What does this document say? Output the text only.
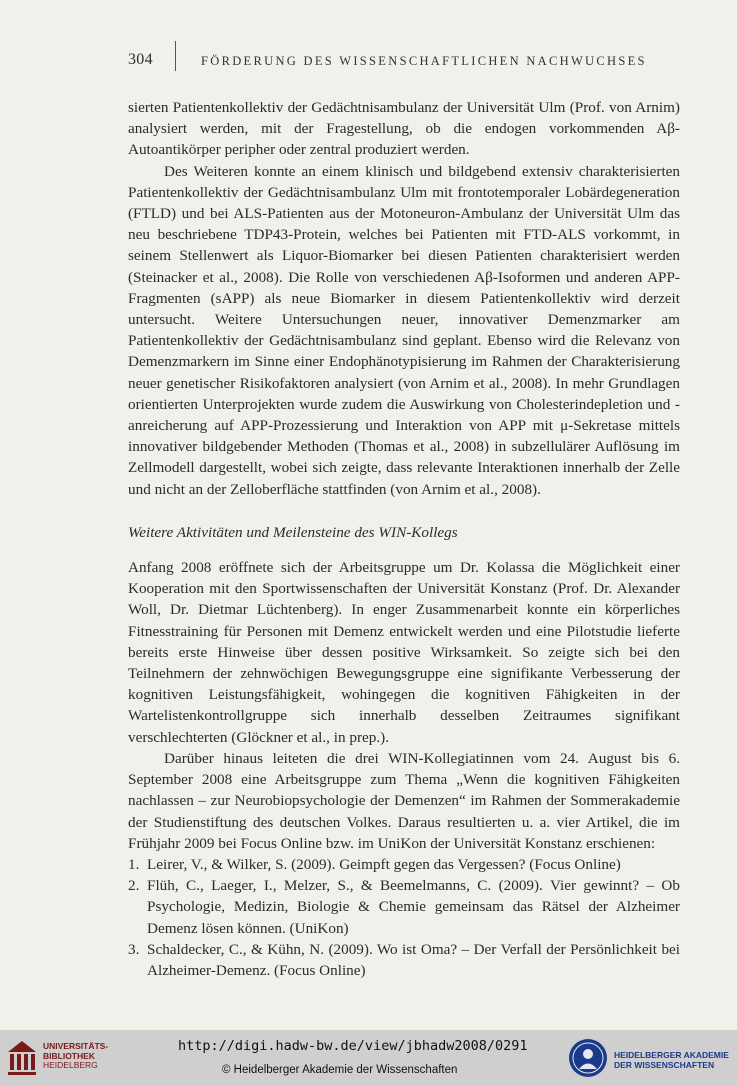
304	FÖRDERUNG DES WISSENSCHAFTLICHEN NACHWUCHSES

sierten Patientenkollektiv der Gedächtnisambulanz der Universität Ulm (Prof. von Arnim) analysiert werden, mit der Fragestellung, ob die endogen vorkommenden Aβ-Autoantikörper peripher oder zentral produziert werden.

Des Weiteren konnte an einem klinisch und bildgebend extensiv charakterisierten Patientenkollektiv der Gedächtnisambulanz Ulm mit frontotemporaler Lobärdegeneration (FTLD) und bei ALS-Patienten aus der Motoneuron-Ambulanz der Universität Ulm das neu beschriebene TDP43-Protein, welches bei Patienten mit FTD-ALS vorkommt, in seinem Stellenwert als Liquor-Biomarker bei diesen Patienten charakterisiert werden (Steinacker et al., 2008). Die Rolle von verschiedenen Aβ-Isoformen und anderen APP-Fragmenten (sAPP) als neue Biomarker in diesem Patientenkollektiv wird derzeit untersucht. Weitere Untersuchungen neuer, innovativer Demenzmarker am Patientenkollektiv der Gedächtnisambulanz sind geplant. Ebenso wird die Relevanz von Demenzmarkern im Sinne einer Endophänotypisierung im Rahmen der Charakterisierung neuer genetischer Risikofaktoren analysiert (von Arnim et al., 2008). In mehr Grundlagen orientierten Unterprojekten wurde zudem die Auswirkung von Cholesterindepletion und -anreicherung auf APP-Prozessierung und Interaktion von APP mit μ-Sekretase mittels innovativer bildgebender Methoden (Thomas et al., 2008) in subzellulärer Auflösung im Zellmodell dargestellt, wobei sich zeigte, dass relevante Interaktionen innerhalb der Zelle und nicht an der Zelloberfläche stattfinden (von Arnim et al., 2008).

Weitere Aktivitäten und Meilensteine des WIN-Kollegs

Anfang 2008 eröffnete sich der Arbeitsgruppe um Dr. Kolassa die Möglichkeit einer Kooperation mit den Sportwissenschaften der Universität Konstanz (Prof. Dr. Alexander Woll, Dr. Dietmar Lüchtenberg). In enger Zusammenarbeit konnte ein körperliches Fitnesstraining für Personen mit Demenz entwickelt werden und eine Pilotstudie lieferte bereits erste Hinweise über dessen positive Wirksamkeit. So zeigte sich bei den Teilnehmern der zehnwöchigen Bewegungsgruppe eine signifikante Verbesserung der kognitiven Leistungsfähigkeit, wohingegen die kognitiven Fähigkeiten in der Wartelistenkontrollgruppe sich innerhalb desselben Zeitraumes signifikant verschlechterten (Glöckner et al., in prep.).

Darüber hinaus leiteten die drei WIN-Kollegiatinnen vom 24. August bis 6. September 2008 eine Arbeitsgruppe zum Thema „Wenn die kognitiven Fähigkeiten nachlassen – zur Neurobiopsychologie der Demenzen“ im Rahmen der Sommerakademie der Studienstiftung des deutschen Volkes. Daraus resultierten u. a. vier Artikel, die im Frühjahr 2009 bei Focus Online bzw. im UniKon der Universität Konstanz erschienen:

1. Leirer, V., & Wilker, S. (2009). Geimpft gegen das Vergessen? (Focus Online)
2. Flüh, C., Laeger, I., Melzer, S., & Beemelmanns, C. (2009). Vier gewinnt? – Ob Psychologie, Medizin, Biologie & Chemie gemeinsam das Rätsel der Alzheimer Demenz lösen können. (UniKon)
3. Schaldecker, C., & Kühn, N. (2009). Wo ist Oma? – Der Verfall der Persönlichkeit bei Alzheimer-Demenz. (Focus Online)
UNIVERSITÄTS-
BIBLIOTHEK
HEIDELBERG
http://digi.hadw-bw.de/view/jbhadw2008/0291
© Heidelberger Akademie der Wissenschaften
HEIDELBERGER AKADEMIE
DER WISSENSCHAFTEN
